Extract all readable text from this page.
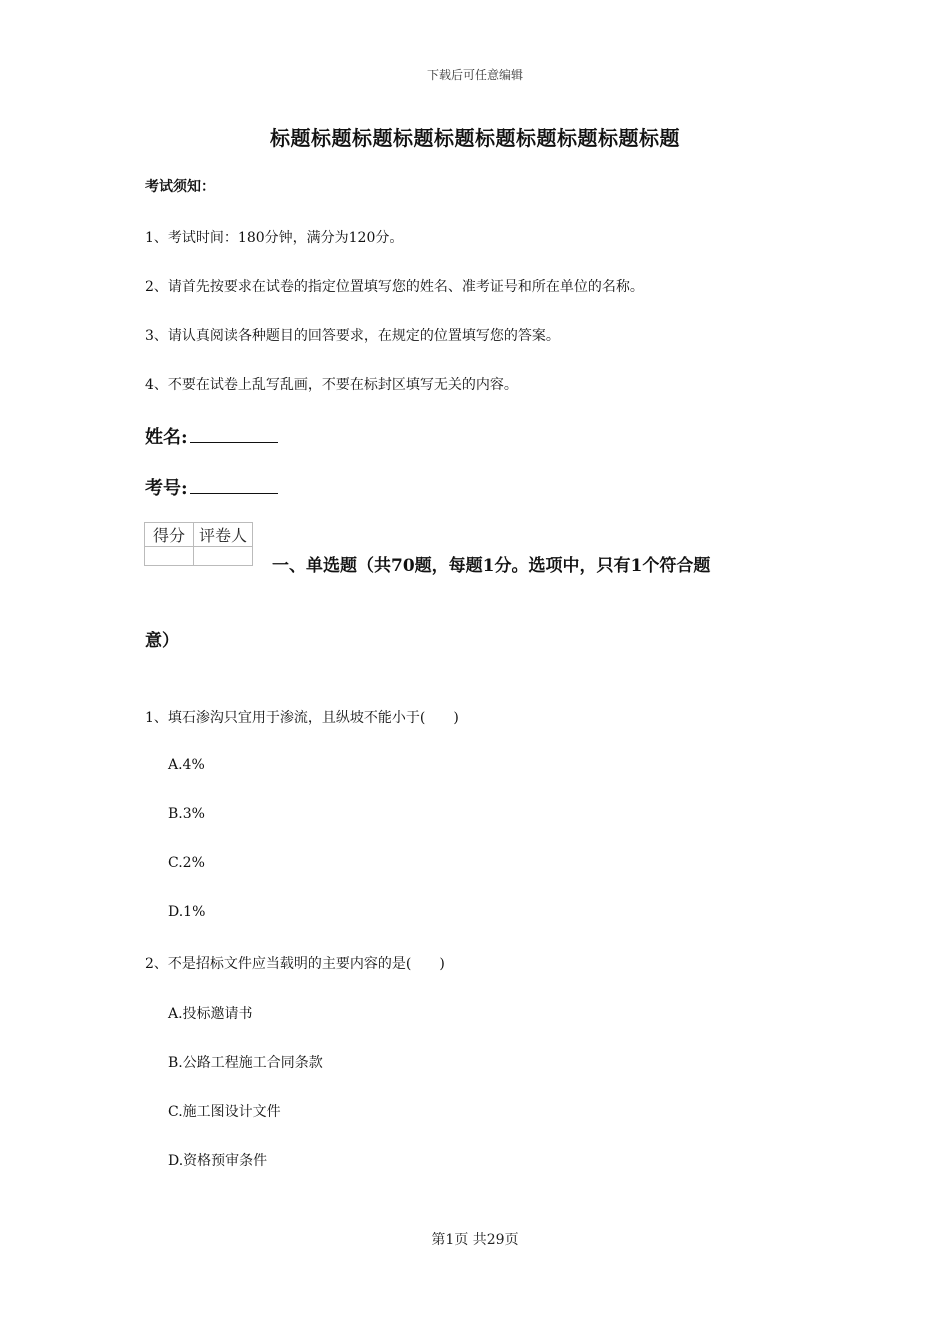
下载后可任意编辑
标题标题标题标题标题标题标题标题标题标题
考试须知：
1、考试时间：180分钟，满分为120分。
2、请首先按要求在试卷的指定位置填写您的姓名、准考证号和所在单位的名称。
3、请认真阅读各种题目的回答要求，在规定的位置填写您的答案。
4、不要在试卷上乱写乱画，不要在标封区填写无关的内容。
姓名:
考号:
得分	评卷人

一、单选题（共70题，每题1分。选项中，只有1个符合题
意）
1、填石渗沟只宜用于渗流，且纵坡不能小于(　　)
A.4%
B.3%
C.2%
D.1%
2、不是招标文件应当载明的主要内容的是(　　)
A.投标邀请书
B.公路工程施工合同条款
C.施工图设计文件
D.资格预审条件
第1页 共29页
